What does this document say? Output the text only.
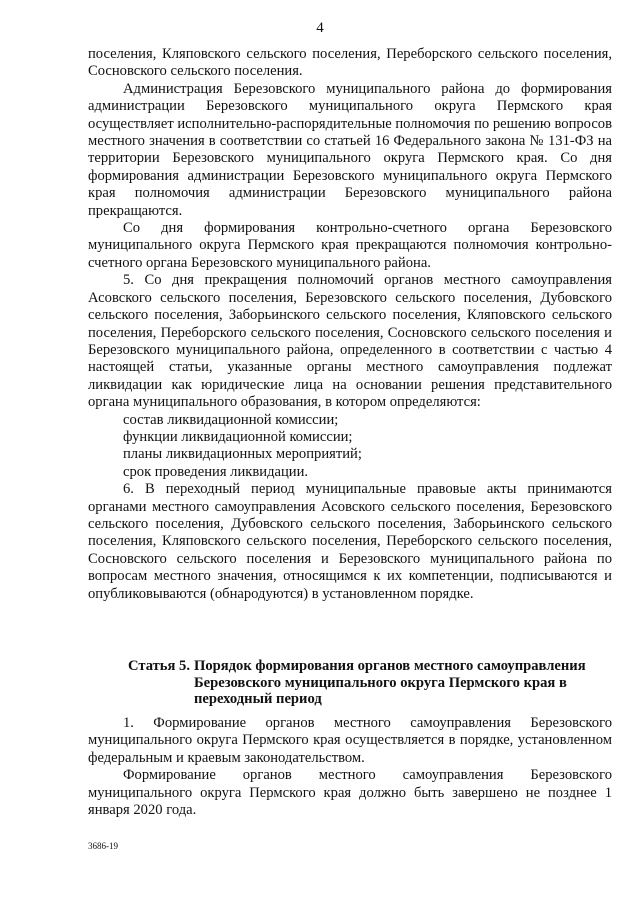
4

поселения, Кляповского сельского поселения, Переборского сельского поселения, Сосновского сельского поселения.

Администрация Березовского муниципального района до формирования администрации Березовского муниципального округа Пермского края осуществляет исполнительно-распорядительные полномочия по решению вопросов местного значения в соответствии со статьей 16 Федерального закона № 131-ФЗ на территории Березовского муниципального округа Пермского края. Со дня формирования администрации Березовского муниципального округа Пермского края полномочия администрации Березовского муниципального района прекращаются.

Со дня формирования контрольно-счетного органа Березовского муниципального округа Пермского края прекращаются полномочия контрольно-счетного органа Березовского муниципального района.

5. Со дня прекращения полномочий органов местного самоуправления Асовского сельского поселения, Березовского сельского поселения, Дубовского сельского поселения, Заборьинского сельского поселения, Кляповского сельского поселения, Переборского сельского поселения, Сосновского сельского поселения и Березовского муниципального района, определенного в соответствии с частью 4 настоящей статьи, указанные органы местного самоуправления подлежат ликвидации как юридические лица на основании решения представительного органа муниципального образования, в котором определяются:

состав ликвидационной комиссии;

функции ликвидационной комиссии;

планы ликвидационных мероприятий;

срок проведения ликвидации.

6. В переходный период муниципальные правовые акты принимаются органами местного самоуправления Асовского сельского поселения, Березовского сельского поселения, Дубовского сельского поселения, Заборьинского сельского поселения, Кляповского сельского поселения, Переборского сельского поселения, Сосновского сельского поселения и Березовского муниципального района по вопросам местного значения, относящимся к их компетенции, подписываются и опубликовываются (обнародуются) в установленном порядке.

Статья 5. Порядок формирования органов местного самоуправления Березовского муниципального округа Пермского края в переходный период

1. Формирование органов местного самоуправления Березовского муниципального округа Пермского края осуществляется в порядке, установленном федеральным и краевым законодательством.

Формирование органов местного самоуправления Березовского муниципального округа Пермского края должно быть завершено не позднее 1 января 2020 года.

3686-19
